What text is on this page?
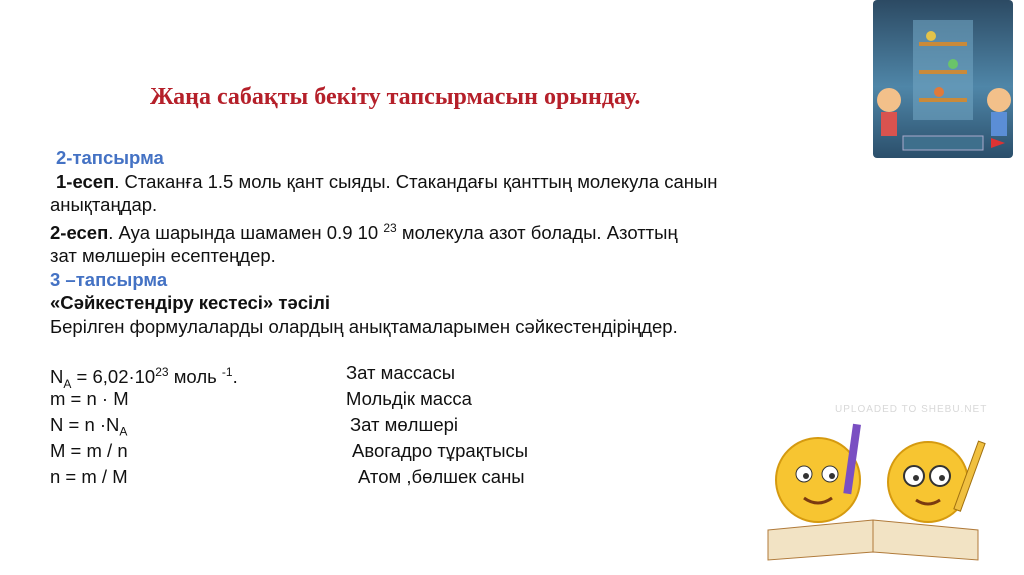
Жаңа сабақты бекіту тапсырмасын орындау.
2-тапсырма
1-есеп. Стаканға 1.5 моль қант сыяды. Стакандағы қанттың молекула санын
анықтаңдар.
2-есеп. Ауа шарында шамамен 0.9 10 $^{23}$ молекула азот болады. Азоттың
зат мөлшерін есептеңдер.
3 –тапсырма
«Сәйкестендіру кестесі» тәсілі
Берілген формулаларды олардың анықтамаларымен сәйкестендіріңдер.
$N_A = 6,02\cdot 10^{23}$ моль $^{-1}$.	Зат массасы
m = n · M	Мольдік масса
$N = n \cdot N_A$	Зат мөлшері
M = m / n	Авогадро тұрақтысы
n = m / M	Атом ,бөлшек саны
UPLOADED TO SHEBU.NET
